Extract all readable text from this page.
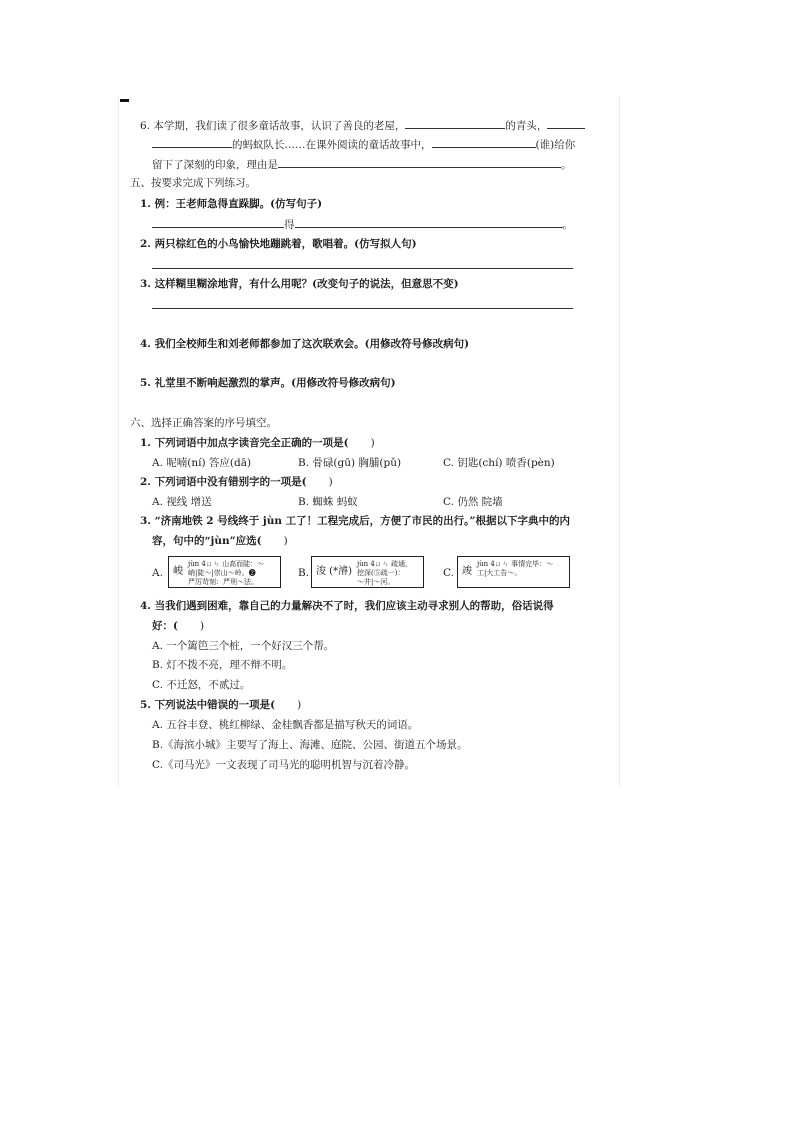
6. 本学期，我们读了很多童话故事，认识了善良的老屋，	的青头，
的蚂蚁队长……在课外阅读的童话故事中，	(谁)给你
留下了深刻的印象，理由是	。
五、按要求完成下列练习。
1. 例：王老师急得直跺脚。(仿写句子)
得	。
2. 两只棕红色的小鸟愉快地蹦跳着，歌唱着。(仿写拟人句)
3. 这样糊里糊涂地背，有什么用呢？(改变句子的说法，但意思不变)
4. 我们全校师生和刘老师都参加了这次联欢会。(用修改符号修改病句)
5. 礼堂里不断响起激烈的掌声。(用修改符号修改病句)
六、选择正确答案的序号填空。
1. 下列词语中加点字读音完全正确的一项是( )
A. 呢喃(ní) 答应(dā)	B. 骨碌(gū) 胸脯(pǔ)	C. 钥匙(chí) 喷香(pèn)
2. 下列词语中没有错别字的一项是( )
A. 视线 增送	B. 蜘蛛 蚂蚁	C. 仍然 院墙
3. “济南地铁 2 号线终于 jùn 工了！工程完成后，方便了市民的出行。”根据以下字典中的内
容，句中的“jùn”应选( )
A. 峻
jùn 4ㄩㄣ 山高而陡：～
峭|陡～|崇山～岭。❷
严厉苛刻：严刑～法。
B. 浚 (*濬)
jùn 4ㄩㄣ 疏通，
挖深(⑤疏一)：
～井|～河。
C. 竣
jùn 4ㄩㄣ 事情完毕：～
工|大工告～。
4. 当我们遇到困难，靠自己的力量解决不了时，我们应该主动寻求别人的帮助，俗话说得
好：( )
A. 一个篱笆三个桩，一个好汉三个帮。
B. 灯不拨不亮，理不辩不明。
C. 不迁怒，不贰过。
5. 下列说法中错误的一项是( )
A. 五谷丰登、桃红柳绿、金桂飘香都是描写秋天的词语。
B.《海滨小城》主要写了海上、海滩、庭院、公园、街道五个场景。
C.《司马光》一文表现了司马光的聪明机智与沉着冷静。
